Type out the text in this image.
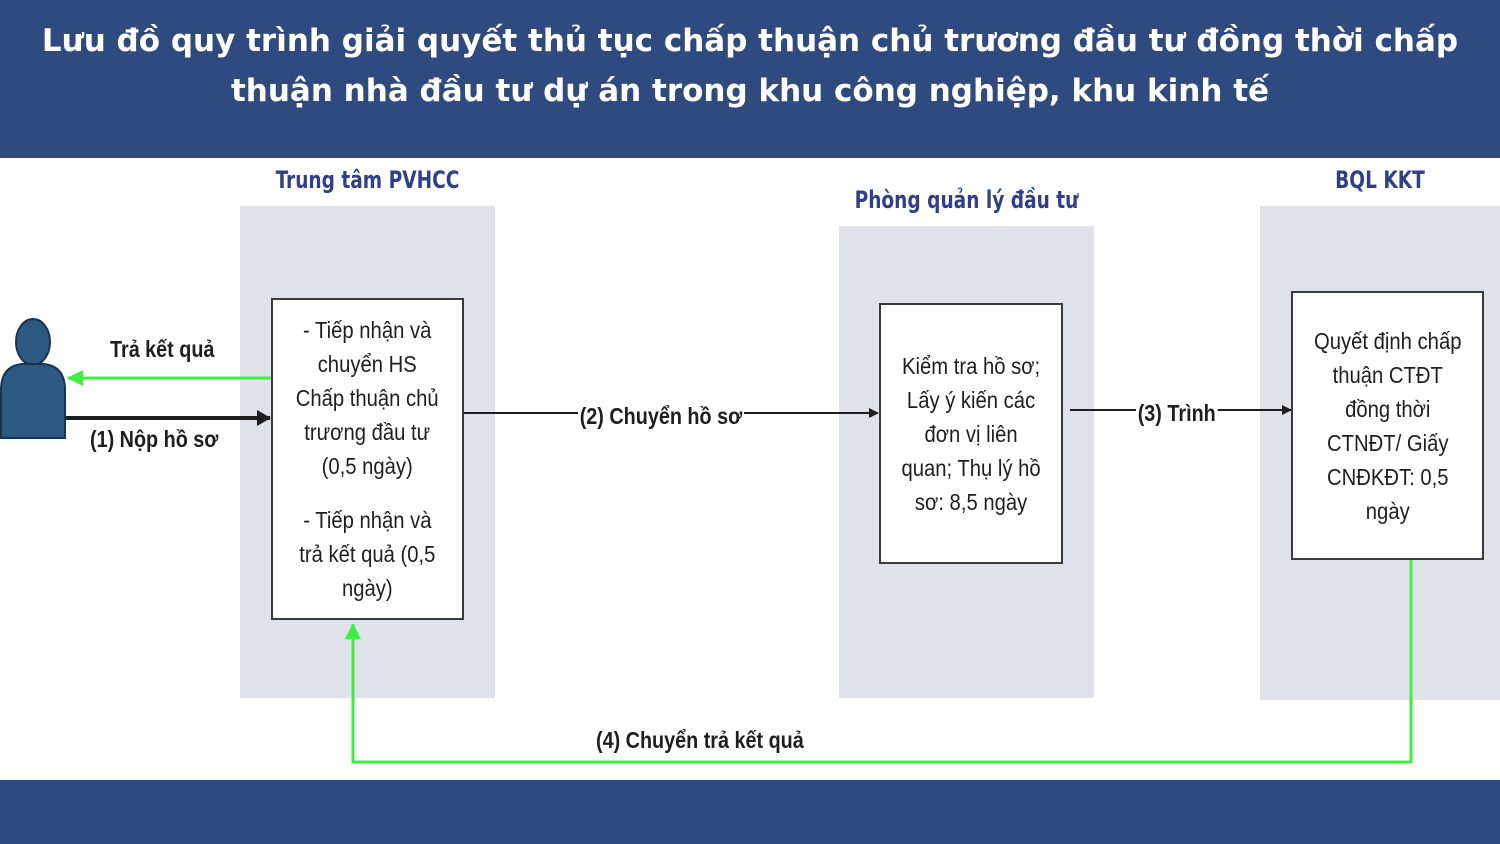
Lưu đồ quy trình giải quyết thủ tục chấp thuận chủ trương đầu tư đồng thời chấp
thuận nhà đầu tư dự án trong khu công nghiệp, khu kinh tế
Trung tâm PVHCC
Phòng quản lý đầu tư
BQL KKT
- Tiếp nhận và
chuyển HS
Chấp thuận chủ
trương đầu tư
(0,5 ngày)
- Tiếp nhận và
trả kết quả (0,5
ngày)
Kiểm tra hồ sơ;
Lấy ý kiến các
đơn vị liên
quan; Thụ lý hồ
sơ: 8,5 ngày
Quyết định chấp
thuận CTĐT
đồng thời
CTNĐT/ Giấy
CNĐKĐT: 0,5
ngày
Trả kết quả
(1) Nộp hồ sơ
(2) Chuyển hồ sơ	(3) Trình
(4) Chuyển trả kết quả
